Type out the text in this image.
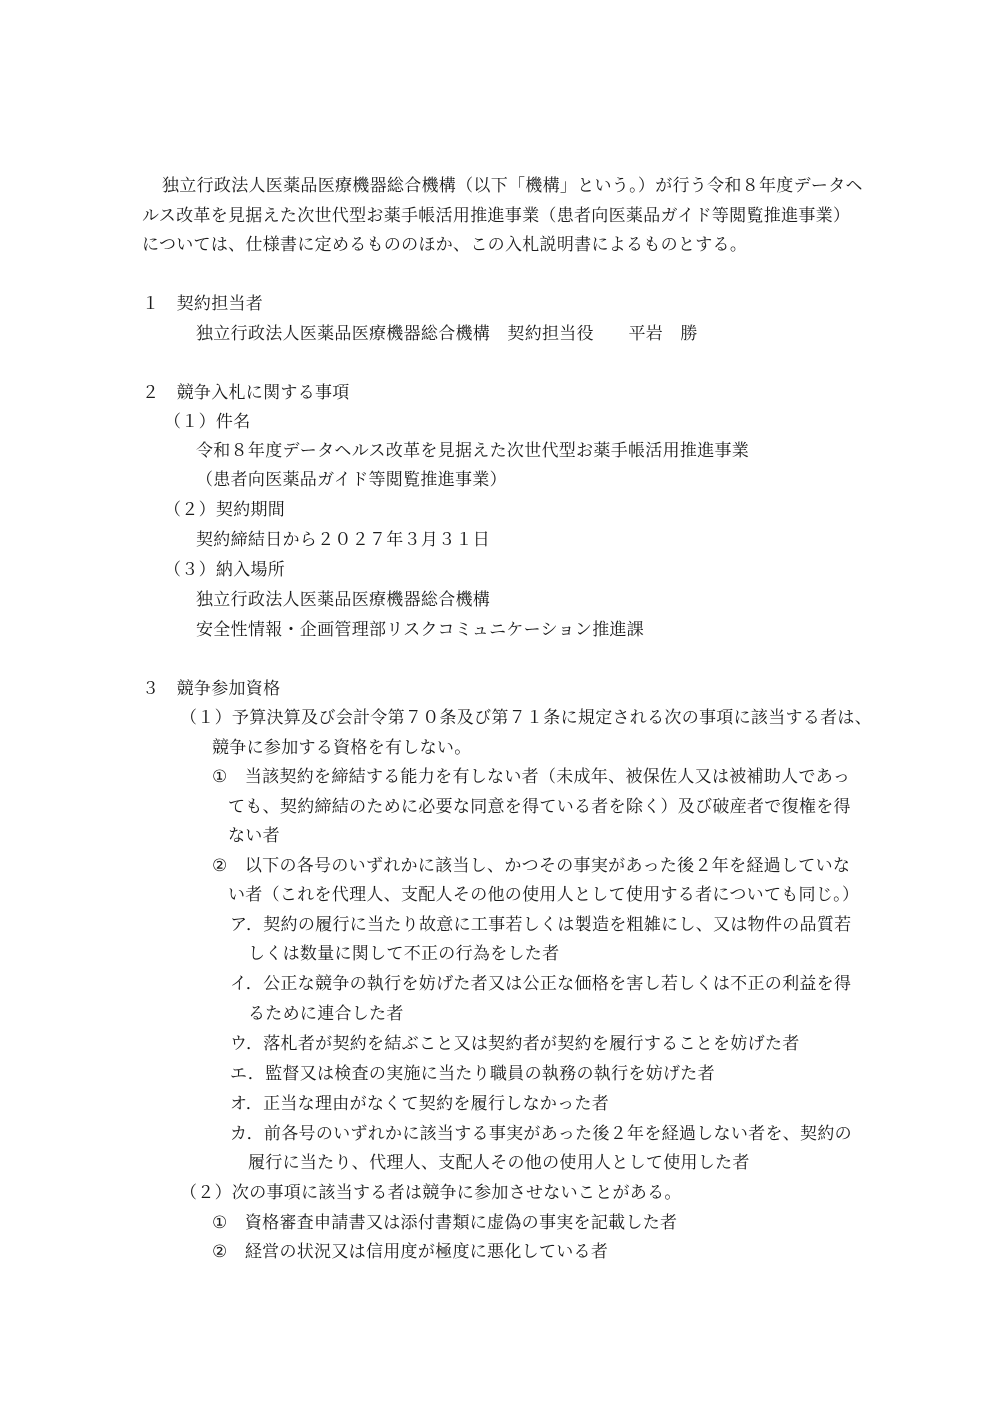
独立行政法人医薬品医療機器総合機構（以下「機構」という。）が行う令和８年度データヘ
ルス改革を見据えた次世代型お薬手帳活用推進事業（患者向医薬品ガイド等閲覧推進事業）
については、仕様書に定めるもののほか、この入札説明書によるものとする。
１　契約担当者
独立行政法人医薬品医療機器総合機構　契約担当役　　平岩　勝
２　競争入札に関する事項
（１）件名
令和８年度データヘルス改革を見据えた次世代型お薬手帳活用推進事業
（患者向医薬品ガイド等閲覧推進事業）
（２）契約期間
契約締結日から２０２７年３月３１日
（３）納入場所
独立行政法人医薬品医療機器総合機構
安全性情報・企画管理部リスクコミュニケーション推進課
３　競争参加資格
（１）予算決算及び会計令第７０条及び第７１条に規定される次の事項に該当する者は、
競争に参加する資格を有しない。
①　当該契約を締結する能力を有しない者（未成年、被保佐人又は被補助人であっ
ても、契約締結のために必要な同意を得ている者を除く）及び破産者で復権を得
ない者
②　以下の各号のいずれかに該当し、かつその事実があった後２年を経過していな
い者（これを代理人、支配人その他の使用人として使用する者についても同じ。）
ア．契約の履行に当たり故意に工事若しくは製造を粗雑にし、又は物件の品質若
しくは数量に関して不正の行為をした者
イ．公正な競争の執行を妨げた者又は公正な価格を害し若しくは不正の利益を得
るために連合した者
ウ．落札者が契約を結ぶこと又は契約者が契約を履行することを妨げた者
エ．監督又は検査の実施に当たり職員の執務の執行を妨げた者
オ．正当な理由がなくて契約を履行しなかった者
カ．前各号のいずれかに該当する事実があった後２年を経過しない者を、契約の
履行に当たり、代理人、支配人その他の使用人として使用した者
（２）次の事項に該当する者は競争に参加させないことがある。
①　資格審査申請書又は添付書類に虚偽の事実を記載した者
②　経営の状況又は信用度が極度に悪化している者
